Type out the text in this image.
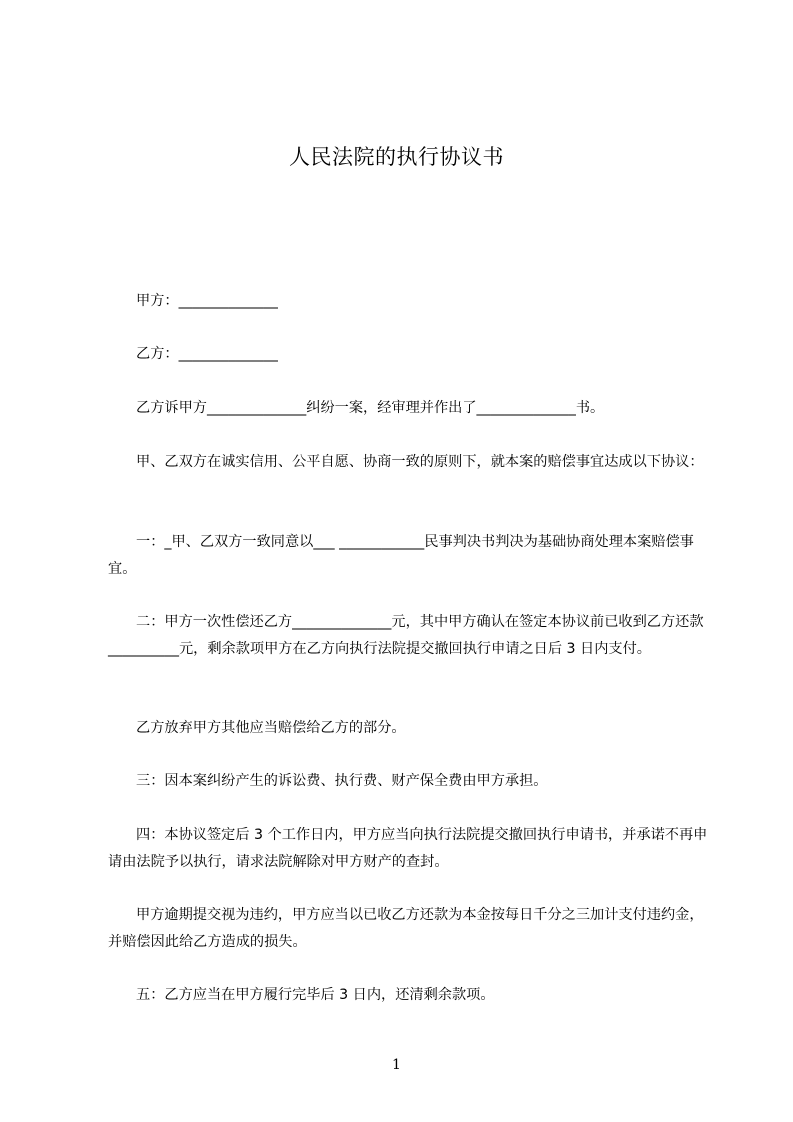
人民法院的执行协议书

甲方：______________

乙方：______________

乙方诉甲方______________纠纷一案，经审理并作出了______________书。

甲、乙双方在诚实信用、公平自愿、协商一致的原则下，就本案的赔偿事宜达成以下协议：

一：_甲、乙双方一致同意以___ ____________民事判决书判决为基础协商处理本案赔偿事宜。

二：甲方一次性偿还乙方______________元，其中甲方确认在签定本协议前已收到乙方还款__________元，剩余款项甲方在乙方向执行法院提交撤回执行申请之日后 3 日内支付。

乙方放弃甲方其他应当赔偿给乙方的部分。

三：因本案纠纷产生的诉讼费、执行费、财产保全费由甲方承担。

四：本协议签定后 3 个工作日内，甲方应当向执行法院提交撤回执行申请书，并承诺不再申请由法院予以执行，请求法院解除对甲方财产的查封。

甲方逾期提交视为违约，甲方应当以已收乙方还款为本金按每日千分之三加计支付违约金，并赔偿因此给乙方造成的损失。

五：乙方应当在甲方履行完毕后 3 日内，还清剩余款项。

1
